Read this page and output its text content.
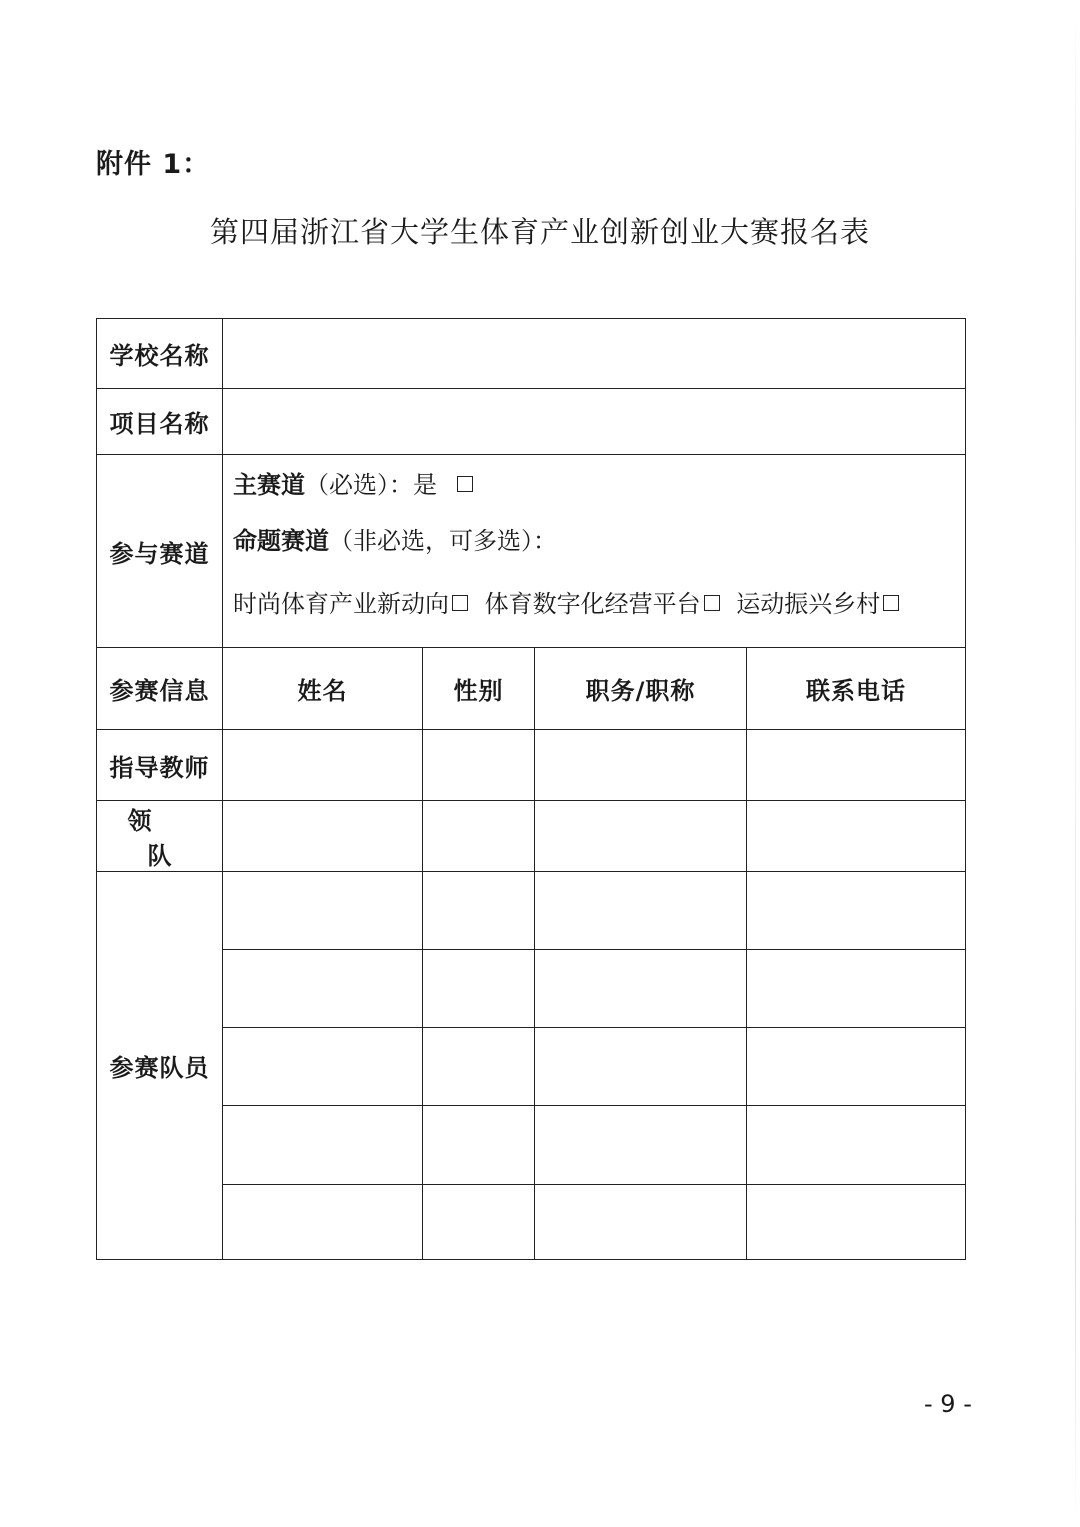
附件 1：
第四届浙江省大学生体育产业创新创业大赛报名表
学校名称				
项目名称				
参与赛道	主赛道（必选）：是
命题赛道（非必选，可多选）：
时尚体育产业新动向 体育数字化经营平台 运动振兴乡村			

参赛信息	姓名	性别	职务/职称	联系电话
指导教师				
领队				
参赛队员				

- 9 -
